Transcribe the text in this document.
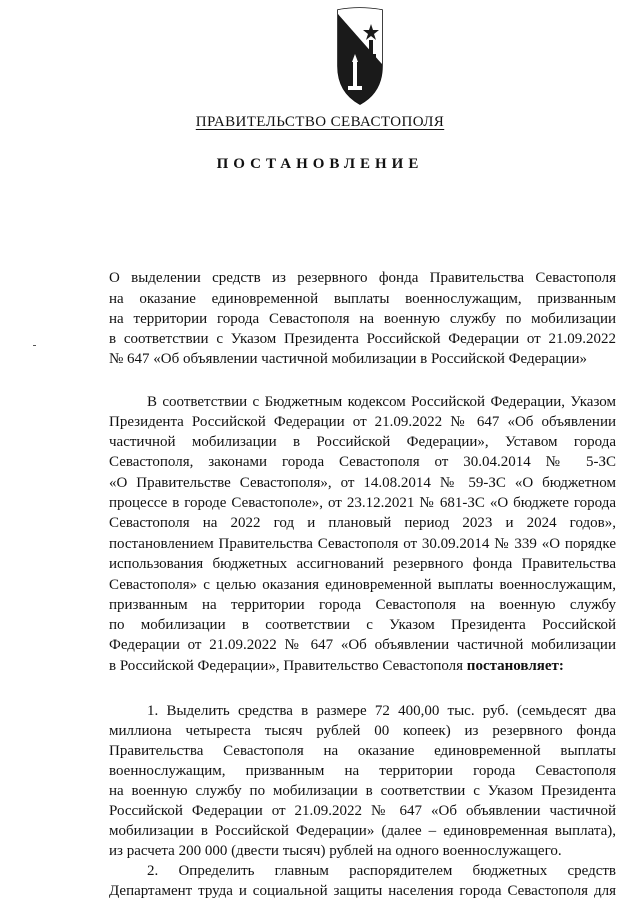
ПРАВИТЕЛЬСТВО СЕВАСТОПОЛЯ
ПОСТАНОВЛЕНИЕ
О выделении средств из резервного фонда Правительства Севастополя
на оказание единовременной выплаты военнослужащим, призванным
на территории города Севастополя на военную службу по мобилизации
в соответствии с Указом Президента Российской Федерации от 21.09.2022
№ 647 «Об объявлении частичной мобилизации в Российской Федерации»
В соответствии с Бюджетным кодексом Российской Федерации, Указом
Президента Российской Федерации от 21.09.2022 № 647 «Об объявлении
частичной мобилизации в Российской Федерации», Уставом города
Севастополя, законами города Севастополя от 30.04.2014 № 5-ЗС
«О Правительстве Севастополя», от 14.08.2014 № 59-ЗС «О бюджетном
процессе в городе Севастополе», от 23.12.2021 № 681-ЗС «О бюджете города
Севастополя на 2022 год и плановый период 2023 и 2024 годов»,
постановлением Правительства Севастополя от 30.09.2014 № 339 «О порядке
использования бюджетных ассигнований резервного фонда Правительства
Севастополя» с целью оказания единовременной выплаты военнослужащим,
призванным на территории города Севастополя на военную службу
по мобилизации в соответствии с Указом Президента Российской
Федерации от 21.09.2022 № 647 «Об объявлении частичной мобилизации
в Российской Федерации», Правительство Севастополя постановляет:
1. Выделить средства в размере 72 400,00 тыс. руб. (семьдесят два
миллиона четыреста тысяч рублей 00 копеек) из резервного фонда
Правительства Севастополя на оказание единовременной выплаты
военнослужащим, призванным на территории города Севастополя
на военную службу по мобилизации в соответствии с Указом Президента
Российской Федерации от 21.09.2022 № 647 «Об объявлении частичной
мобилизации в Российской Федерации» (далее – единовременная выплата),
из расчета 200 000 (двести тысяч) рублей на одного военнослужащего.
2. Определить главным распорядителем бюджетных средств
Департамент труда и социальной защиты населения города Севастополя для
